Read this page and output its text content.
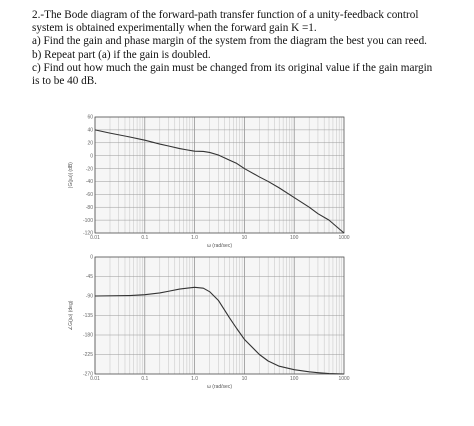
2.-The Bode diagram of the forward-path transfer function of a unity-feedback control
system is obtained experimentally when the forward gain K =1.
a) Find the gain and phase margin of the system from the diagram the best you can reed.
b) Repeat part (a) if the gain is doubled.
c) Find out how much the gain must be changed from its original value if the gain margin
is to be 40 dB.
60
40
20
0
-20
-40
-60
-80
-100
-120
0.01	0.1	1.0	10	100	1000
ω (rad/sec)
|G(jω)| (dB)
0
-45
-90
-135
-180
-225
-270
0.01	0.1	1.0	10	100	1000
ω (rad/sec)
∠G(jω) (deg)
